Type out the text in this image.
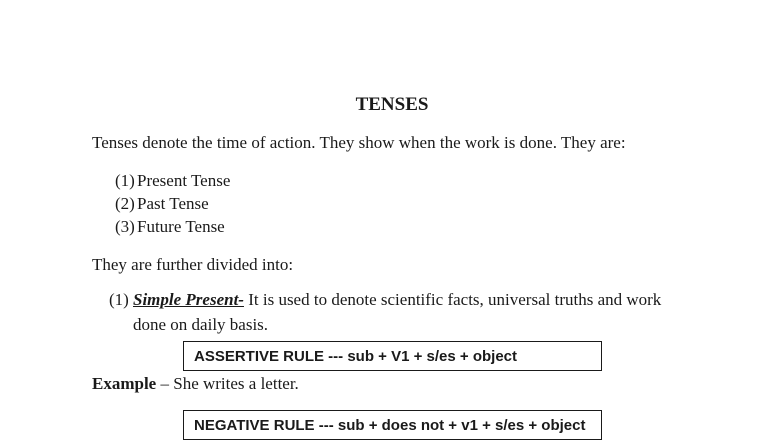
TENSES
Tenses denote the time of action. They show when the work is done. They are:
(1) Present Tense
(2) Past Tense
(3) Future Tense
They are further divided into:
(1) Simple Present- It is used to denote scientific facts, universal truths and work
done on daily basis.
ASSERTIVE RULE --- sub + V1 + s/es + object
Example – She writes a letter.
NEGATIVE RULE --- sub + does not + v1 + s/es + object
